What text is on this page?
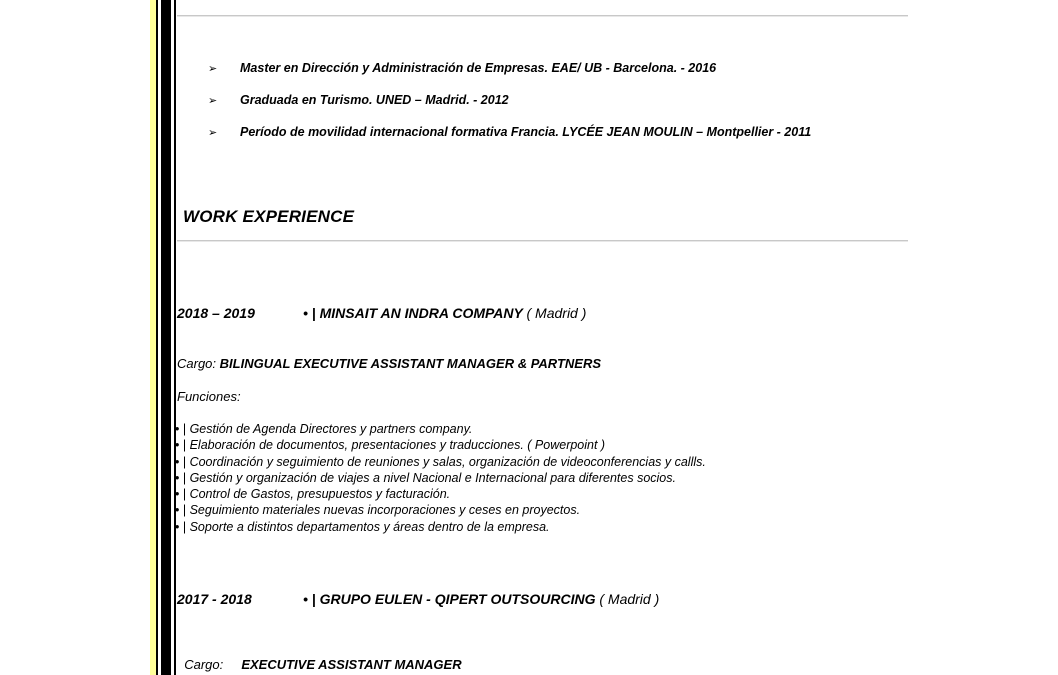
➢ Master en Dirección y Administración de Empresas. EAE/ UB - Barcelona. - 2016
➢ Graduada en Turismo. UNED – Madrid. - 2012
➢ Período de movilidad internacional formativa Francia. LYCÉE JEAN MOULIN – Montpellier - 2011
WORK EXPERIENCE
2018 – 2019	• | MINSAIT AN INDRA COMPANY ( Madrid )
Cargo: BILINGUAL EXECUTIVE ASSISTANT MANAGER & PARTNERS
Funciones:
• | Gestión de Agenda Directores y partners company.
• | Elaboración de documentos, presentaciones y traducciones. ( Powerpoint )
• | Coordinación y seguimiento de reuniones y salas, organización de videoconferencias y callls.
• | Gestión y organización de viajes a nivel Nacional e Internacional para diferentes socios.
• | Control de Gastos, presupuestos y facturación.
• | Seguimiento materiales nuevas incorporaciones y ceses en proyectos.
• | Soporte a distintos departamentos y áreas dentro de la empresa.
2017 - 2018	• | GRUPO EULEN - QIPERT OUTSOURCING ( Madrid )

Cargo:     EXECUTIVE ASSISTANT MANAGER
